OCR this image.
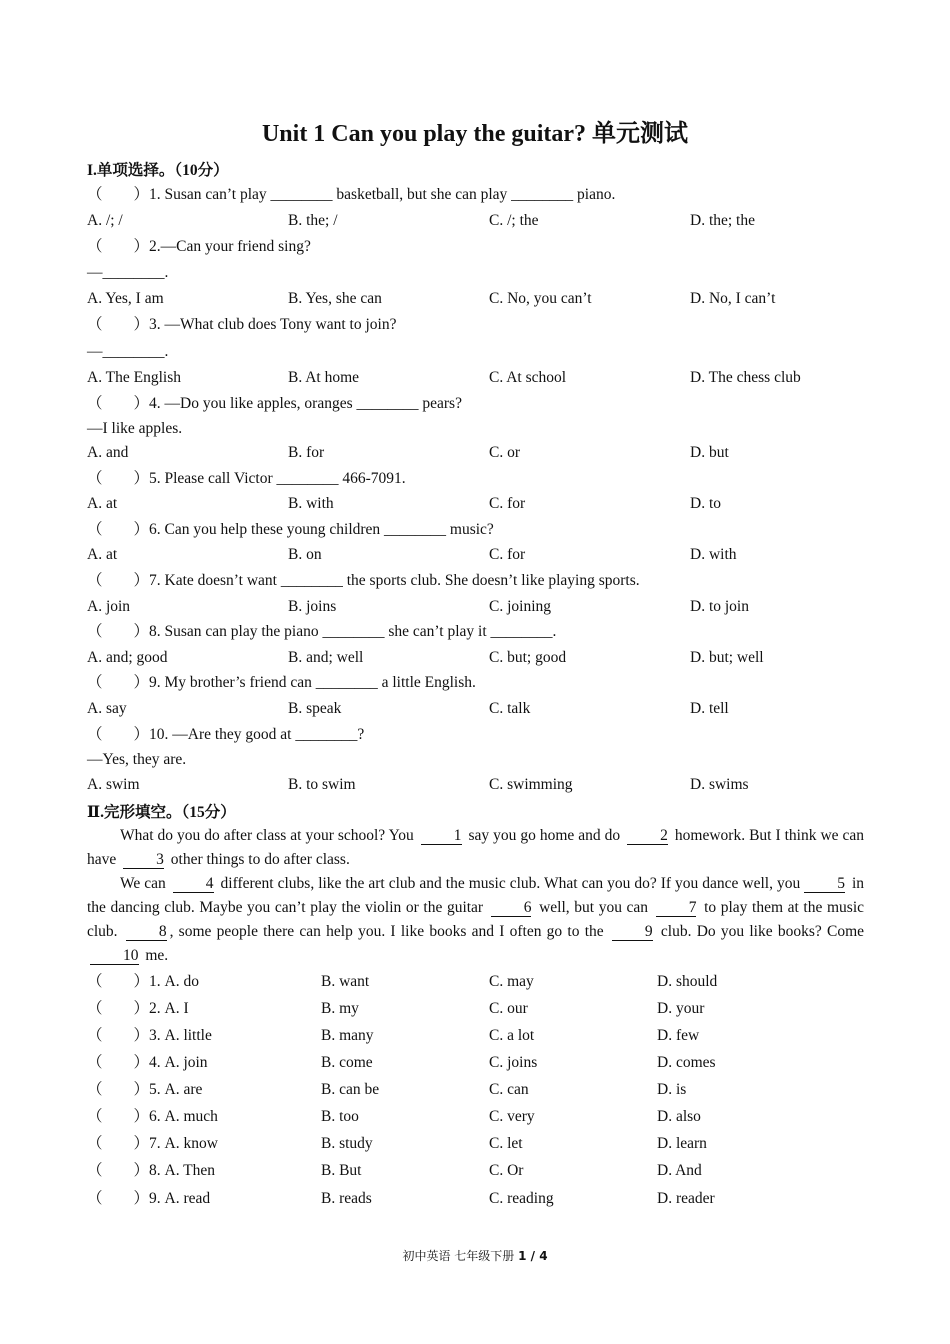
Unit 1 Can you play the guitar? 单元测试
I.单项选择。（10分）
（　　）1. Susan can’t play ________ basketball, but she can play ________ piano.
A. /; /	B. the; /	C. /; the	D. the; the
（　　）2.—Can your friend sing?
—________.
A. Yes, I am	B. Yes, she can	C. No, you can’t	D. No, I can’t
（　　）3. —What club does Tony want to join?
—________.
A. The English	B. At home	C. At school	D. The chess club
（　　）4. —Do you like apples, oranges ________ pears?
—I like apples.
A. and	B. for	C. or	D. but
（　　）5. Please call Victor ________ 466-7091.
A. at	B. with	C. for	D. to
（　　）6. Can you help these young children ________ music?
A. at	B. on	C. for	D. with
（　　）7. Kate doesn’t want ________ the sports club. She doesn’t like playing sports.
A. join	B. joins	C. joining	D. to join
（　　）8. Susan can play the piano ________ she can’t play it ________.
A. and; good	B. and; well	C. but; good	D. but; well
（　　）9. My brother’s friend can ________ a little English.
A. say	B. speak	C. talk	D. tell
（　　）10. —Are they good at ________?
—Yes, they are.
A. swim	B. to swim	C. swimming	D. swims
Ⅱ.完形填空。（15分）
What do you do after class at your school? You	1 say you go home and do	2 homework. But I think we can have	3 other things to do after class.
We can	4 different clubs, like the art club and the music club. What can you do? If you dance well, you 5 in the dancing club. Maybe you can’t play the violin or the guitar	6 well, but you can	7 to play them at the music club.	8 , some people there can help you. I like books and I often go to the	9 club. Do you like books? Come 10 me.
（　　）1. A. do	B. want	C. may	D. should
（　　）2. A. I	B. my	C. our	D. your
（　　）3. A. little	B. many	C. a lot	D. few
（　　）4. A. join	B. come	C. joins	D. comes
（　　）5. A. are	B. can be	C. can	D. is
（　　）6. A. much	B. too	C. very	D. also
（　　）7. A. know	B. study	C. let	D. learn
（　　）8. A. Then	B. But	C. Or	D. And
（　　）9. A. read	B. reads	C. reading	D. reader
初中英语 七年级下册 1 / 4
